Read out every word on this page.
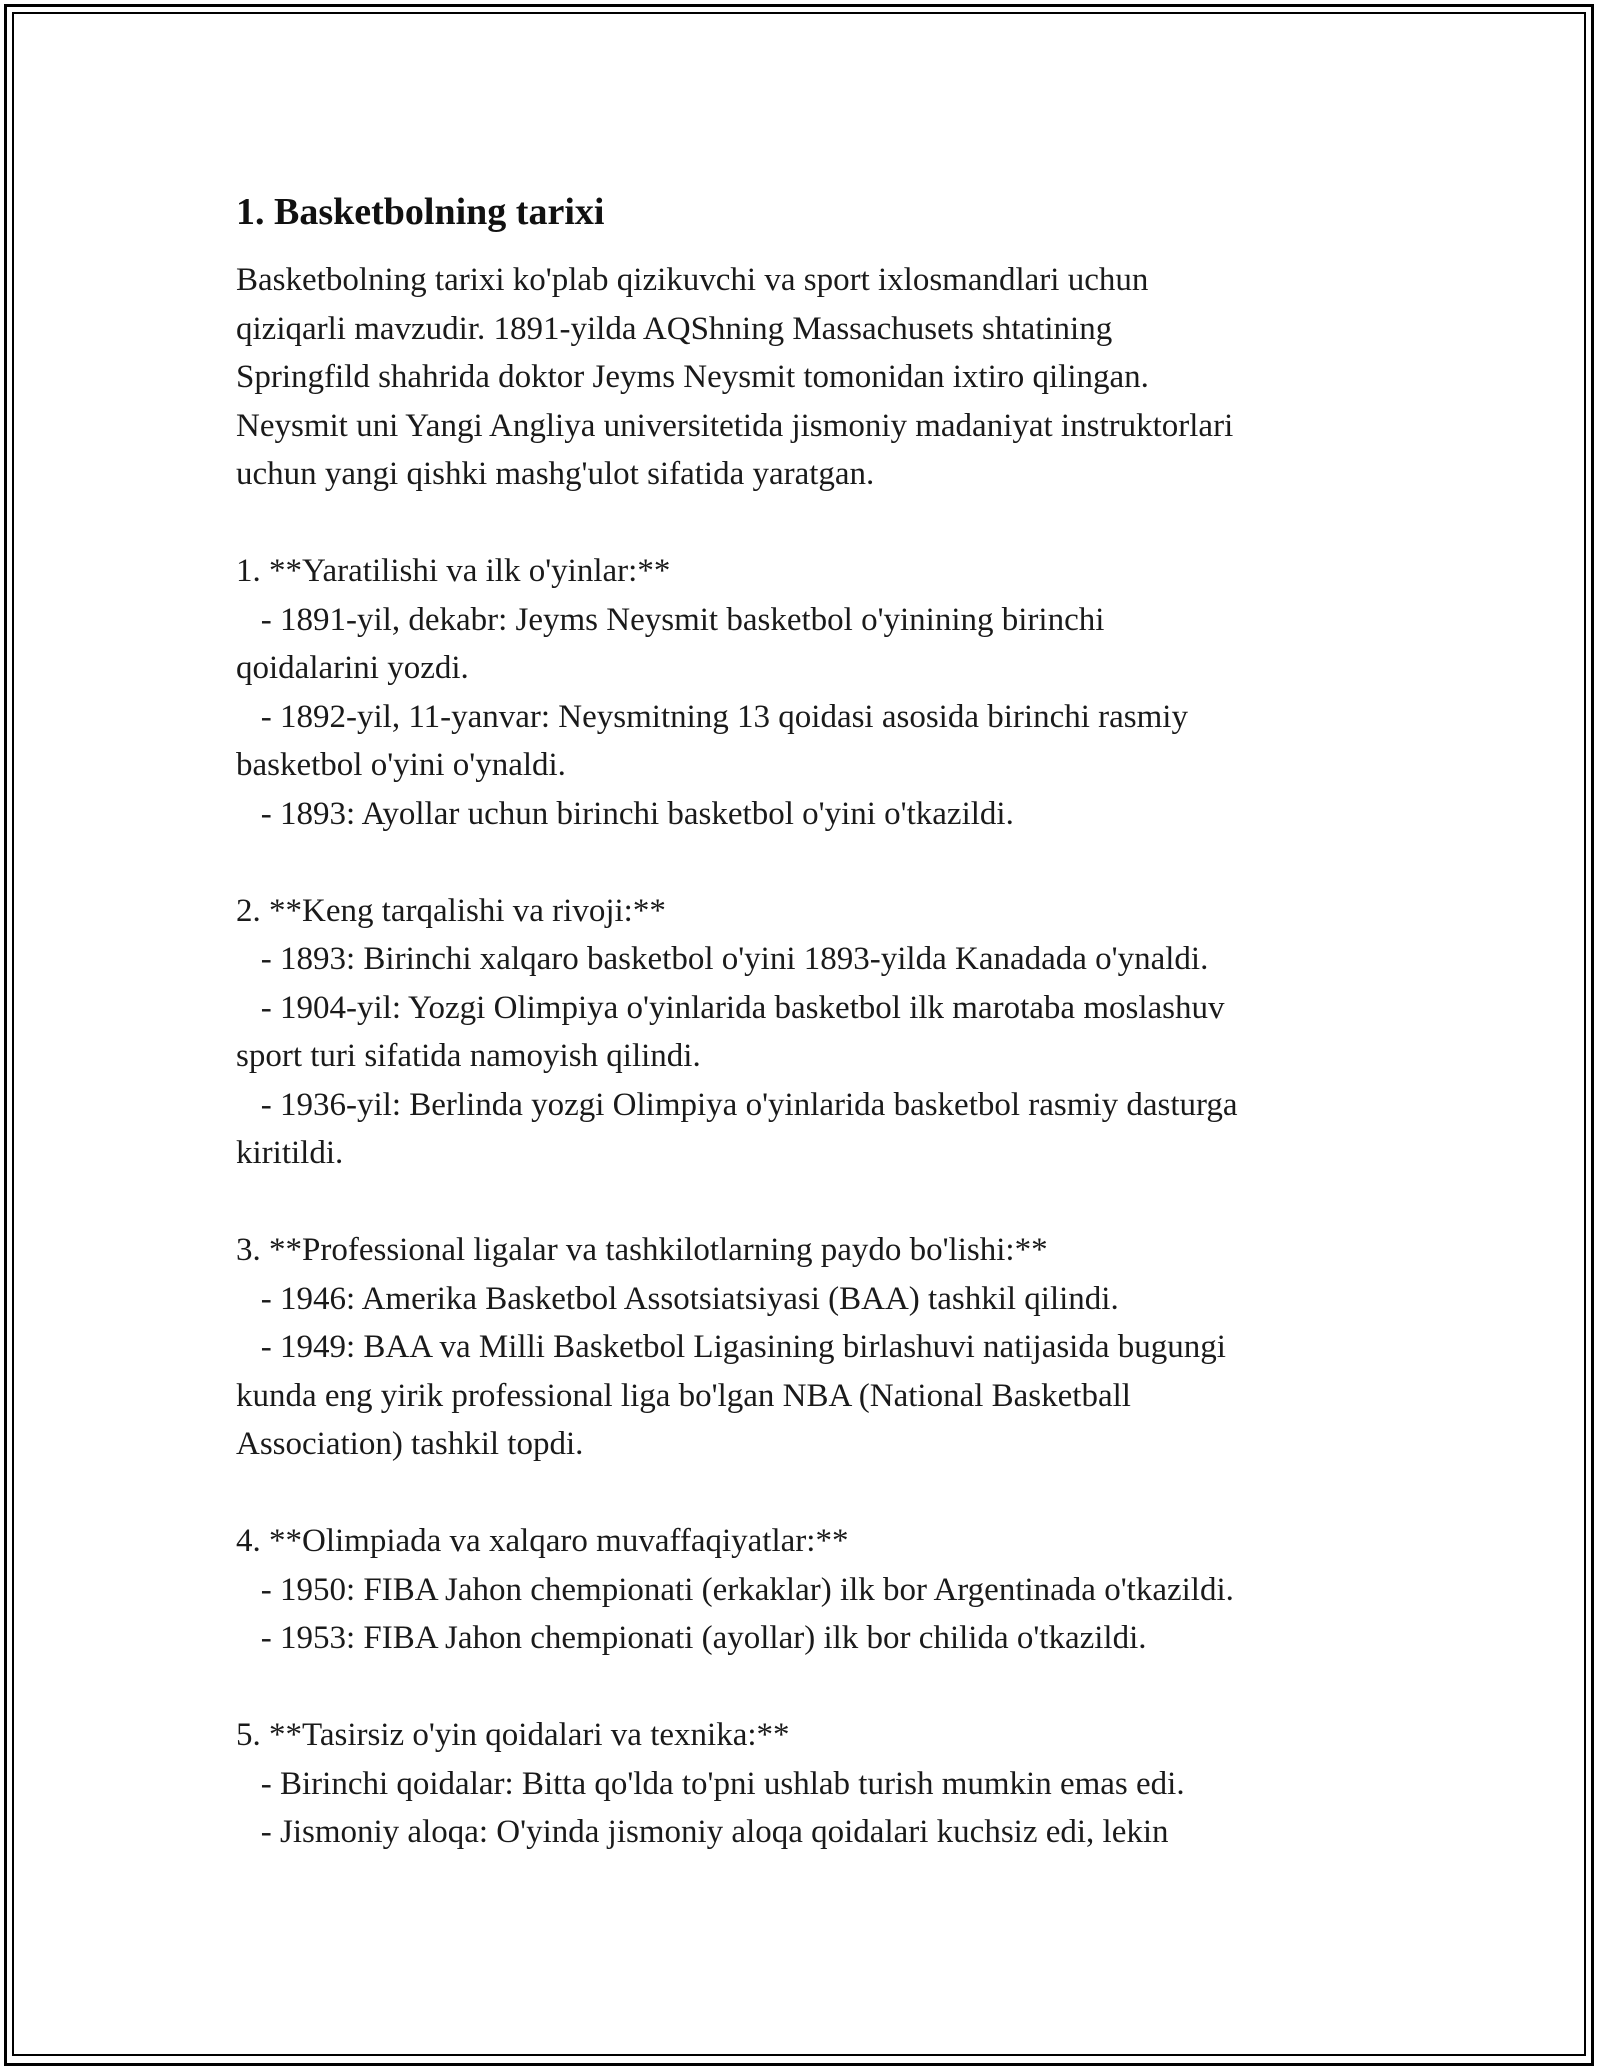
1. Basketbolning tarixi

Basketbolning tarixi ko'plab qizikuvchi va sport ixlosmandlari uchun
qiziqarli mavzudir. 1891-yilda AQShning Massachusets shtatining
Springfild shahrida doktor Jeyms Neysmit tomonidan ixtiro qilingan.
Neysmit uni Yangi Angliya universitetida jismoniy madaniyat instruktorlari
uchun yangi qishki mashg'ulot sifatida yaratgan.

1. **Yaratilishi va ilk o'yinlar:**
- 1891-yil, dekabr: Jeyms Neysmit basketbol o'yinining birinchi
qoidalarini yozdi.
- 1892-yil, 11-yanvar: Neysmitning 13 qoidasi asosida birinchi rasmiy
basketbol o'yini o'ynaldi.
- 1893: Ayollar uchun birinchi basketbol o'yini o'tkazildi.

2. **Keng tarqalishi va rivoji:**
- 1893: Birinchi xalqaro basketbol o'yini 1893-yilda Kanadada o'ynaldi.
- 1904-yil: Yozgi Olimpiya o'yinlarida basketbol ilk marotaba moslashuv
sport turi sifatida namoyish qilindi.
- 1936-yil: Berlinda yozgi Olimpiya o'yinlarida basketbol rasmiy dasturga
kiritildi.

3. **Professional ligalar va tashkilotlarning paydo bo'lishi:**
- 1946: Amerika Basketbol Assotsiatsiyasi (BAA) tashkil qilindi.
- 1949: BAA va Milli Basketbol Ligasining birlashuvi natijasida bugungi
kunda eng yirik professional liga bo'lgan NBA (National Basketball
Association) tashkil topdi.

4. **Olimpiada va xalqaro muvaffaqiyatlar:**
- 1950: FIBA Jahon chempionati (erkaklar) ilk bor Argentinada o'tkazildi.
- 1953: FIBA Jahon chempionati (ayollar) ilk bor chilida o'tkazildi.

5. **Tasirsiz o'yin qoidalari va texnika:**
- Birinchi qoidalar: Bitta qo'lda to'pni ushlab turish mumkin emas edi.
- Jismoniy aloqa: O'yinda jismoniy aloqa qoidalari kuchsiz edi, lekin
